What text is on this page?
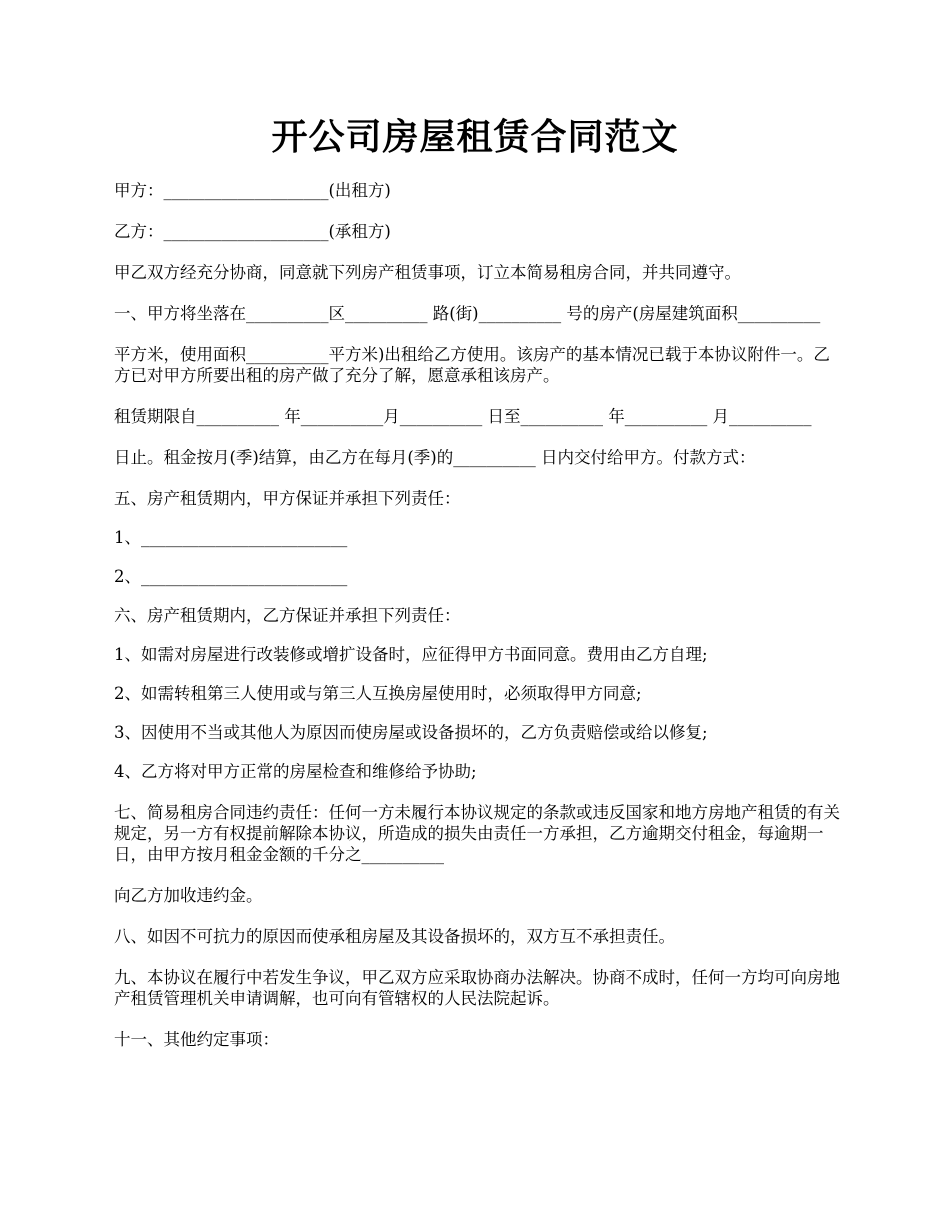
开公司房屋租赁合同范文

甲方：____________________(出租方)

乙方：____________________(承租方)

甲乙双方经充分协商，同意就下列房产租赁事项，订立本简易租房合同，并共同遵守。

一、甲方将坐落在__________区__________ 路(街)__________ 号的房产(房屋建筑面积__________

平方米，使用面积__________平方米)出租给乙方使用。该房产的基本情况已载于本协议附件一。乙方已对甲方所要出租的房产做了充分了解，愿意承租该房产。

租赁期限自__________ 年__________月__________ 日至__________ 年__________ 月__________

日止。租金按月(季)结算，由乙方在每月(季)的__________ 日内交付给甲方。付款方式：

五、房产租赁期内，甲方保证并承担下列责任：

1、_________________________

2、_________________________

六、房产租赁期内，乙方保证并承担下列责任：

1、如需对房屋进行改装修或增扩设备时，应征得甲方书面同意。费用由乙方自理;

2、如需转租第三人使用或与第三人互换房屋使用时，必须取得甲方同意;

3、因使用不当或其他人为原因而使房屋或设备损坏的，乙方负责赔偿或给以修复;

4、乙方将对甲方正常的房屋检查和维修给予协助;

七、简易租房合同违约责任：任何一方未履行本协议规定的条款或违反国家和地方房地产租赁的有关规定，另一方有权提前解除本协议，所造成的损失由责任一方承担，乙方逾期交付租金，每逾期一日，由甲方按月租金金额的千分之__________

向乙方加收违约金。

八、如因不可抗力的原因而使承租房屋及其设备损坏的，双方互不承担责任。

九、本协议在履行中若发生争议，甲乙双方应采取协商办法解决。协商不成时，任何一方均可向房地产租赁管理机关申请调解，也可向有管辖权的人民法院起诉。

十一、其他约定事项：
